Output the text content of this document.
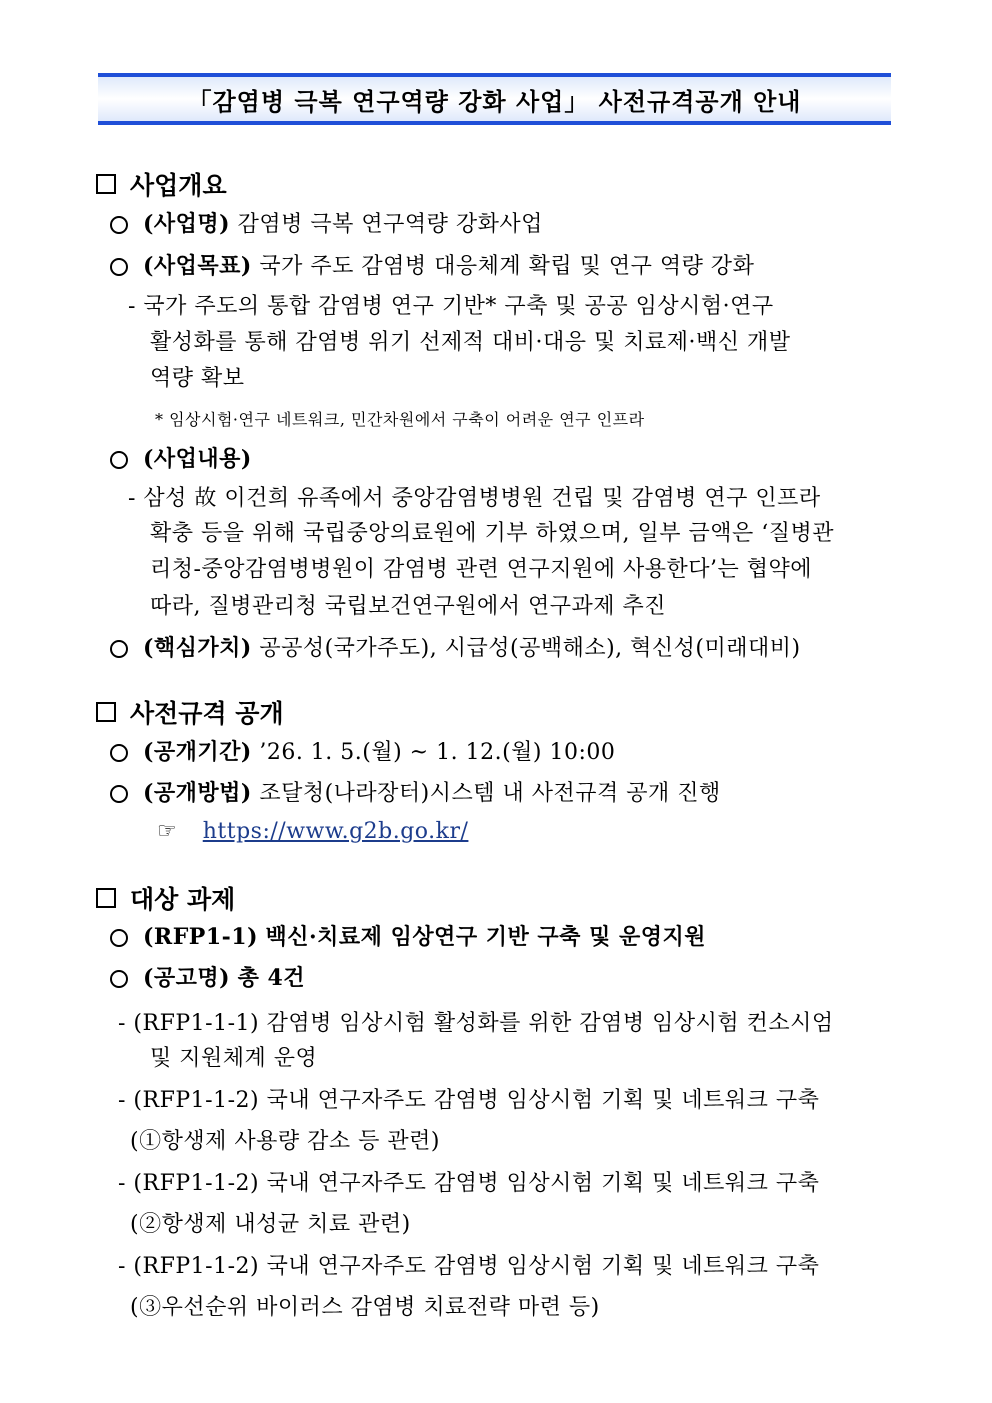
「감염병 극복 연구역량 강화 사업」 사전규격공개 안내
사업개요
(사업명) 감염병 극복 연구역량 강화사업
(사업목표) 국가 주도 감염병 대응체계 확립 및 연구 역량 강화
- 국가 주도의 통합 감염병 연구 기반* 구축 및 공공 임상시험·연구
활성화를 통해 감염병 위기 선제적 대비·대응 및 치료제·백신 개발
역량 확보
* 임상시험·연구 네트워크, 민간차원에서 구축이 어려운 연구 인프라
(사업내용)
- 삼성 故 이건희 유족에서 중앙감염병병원 건립 및 감염병 연구 인프라
확충 등을 위해 국립중앙의료원에 기부 하였으며, 일부 금액은 ‘질병관
리청-중앙감염병병원이 감염병 관련 연구지원에 사용한다’는 협약에
따라, 질병관리청 국립보건연구원에서 연구과제 추진
(핵심가치) 공공성(국가주도), 시급성(공백해소), 혁신성(미래대비)
사전규격 공개
(공개기간) ’26. 1. 5.(월) ~ 1. 12.(월) 10:00
(공개방법) 조달청(나라장터)시스템 내 사전규격 공개 진행
☞ https://www.g2b.go.kr/
대상 과제
(RFP1-1) 백신·치료제 임상연구 기반 구축 및 운영지원
(공고명) 총 4건
- (RFP1-1-1) 감염병 임상시험 활성화를 위한 감염병 임상시험 컨소시엄
및 지원체계 운영
- (RFP1-1-2) 국내 연구자주도 감염병 임상시험 기획 및 네트워크 구축
(①항생제 사용량 감소 등 관련)
- (RFP1-1-2) 국내 연구자주도 감염병 임상시험 기획 및 네트워크 구축
(②항생제 내성균 치료 관련)
- (RFP1-1-2) 국내 연구자주도 감염병 임상시험 기획 및 네트워크 구축
(③우선순위 바이러스 감염병 치료전략 마련 등)
